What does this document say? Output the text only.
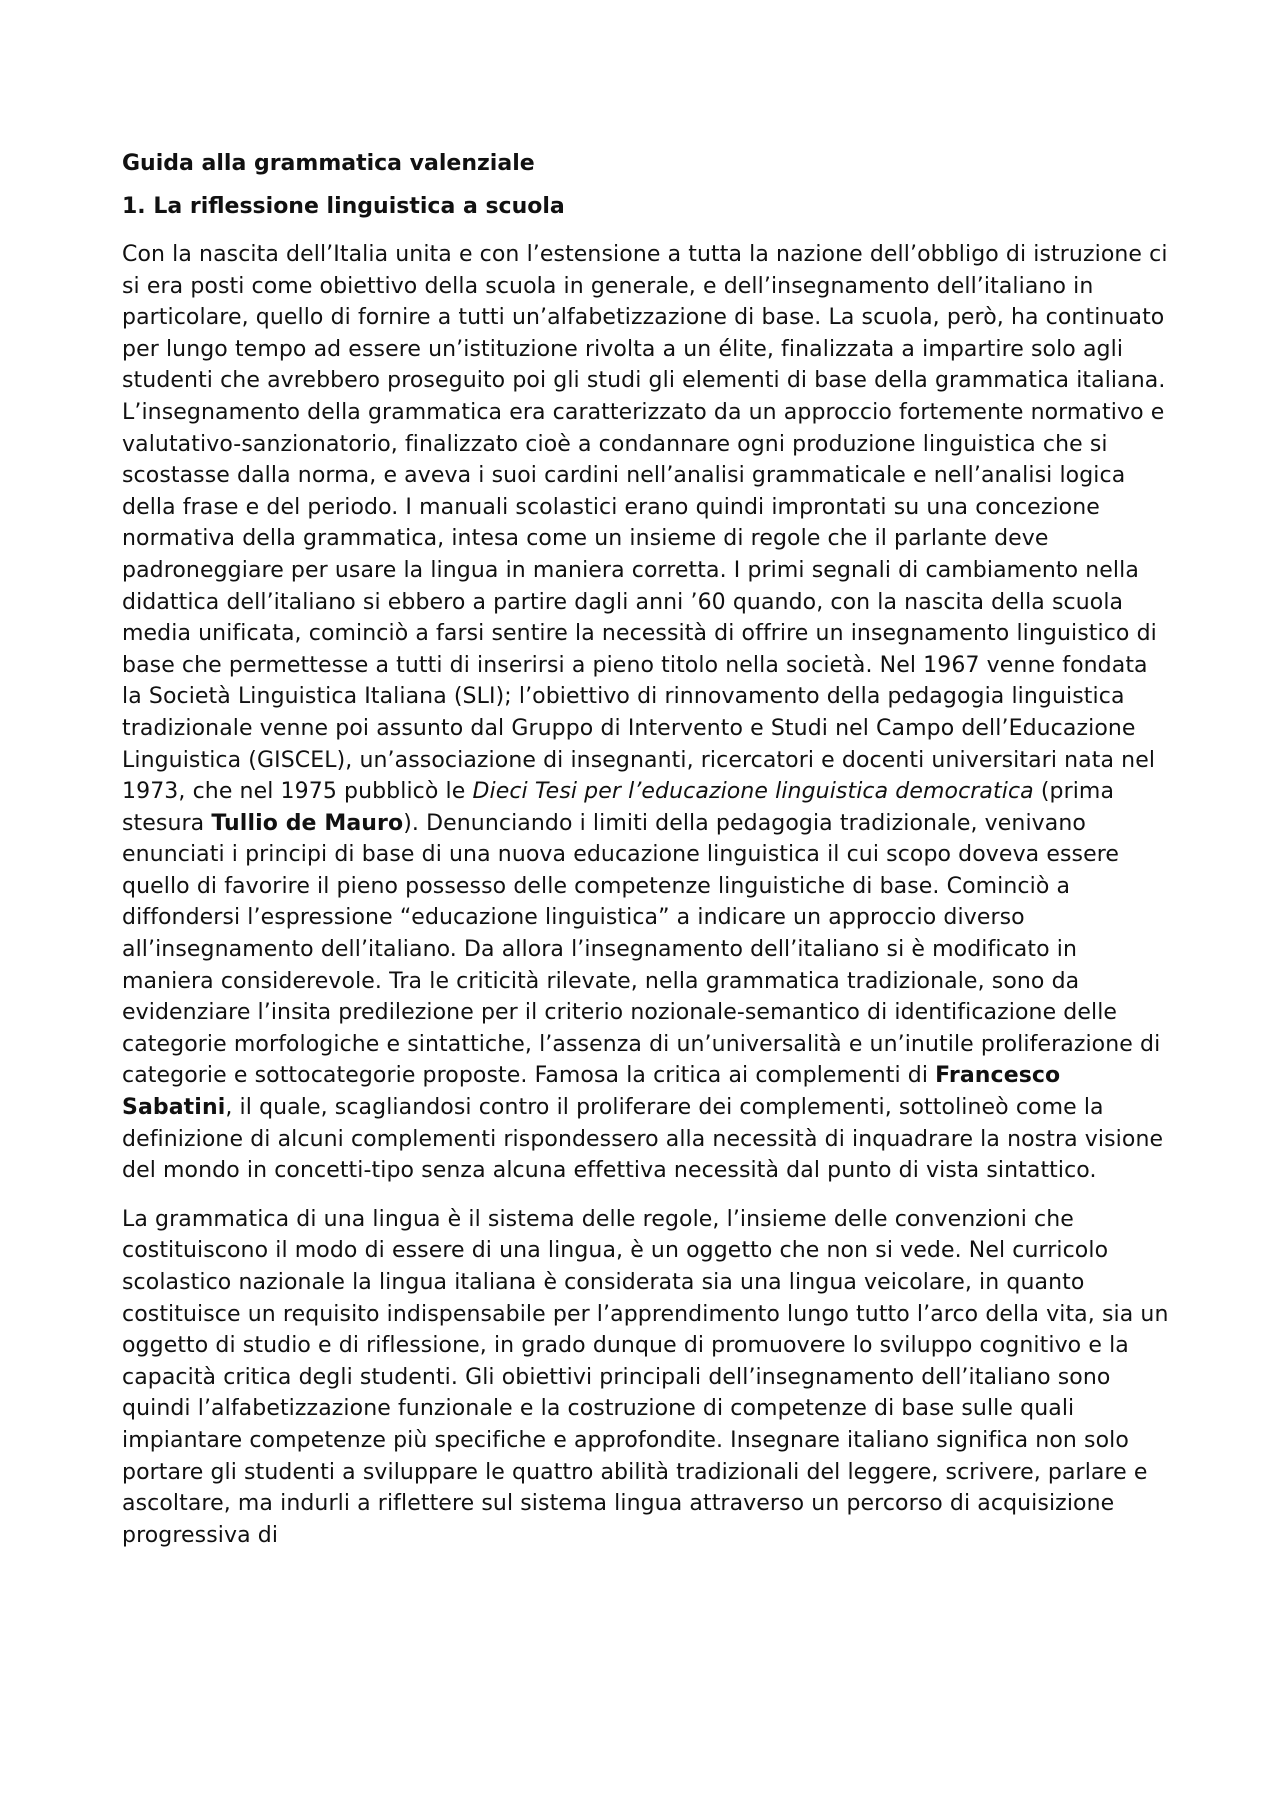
Guida alla grammatica valenziale

1. La riflessione linguistica a scuola

Con la nascita dell’Italia unita e con l’estensione a tutta la nazione dell’obbligo di istruzione ci si era posti come obiettivo della scuola in generale, e dell’insegnamento dell’italiano in particolare, quello di fornire a tutti un’alfabetizzazione di base. La scuola, però, ha continuato per lungo tempo ad essere un’istituzione rivolta a un élite, finalizzata a impartire solo agli studenti che avrebbero proseguito poi gli studi gli elementi di base della grammatica italiana. L’insegnamento della grammatica era caratterizzato da un approccio fortemente normativo e valutativo-sanzionatorio, finalizzato cioè a condannare ogni produzione linguistica che si scostasse dalla norma, e aveva i suoi cardini nell’analisi grammaticale e nell’analisi logica della frase e del periodo. I manuali scolastici erano quindi improntati su una concezione normativa della grammatica, intesa come un insieme di regole che il parlante deve padroneggiare per usare la lingua in maniera corretta. I primi segnali di cambiamento nella didattica dell’italiano si ebbero a partire dagli anni ’60 quando, con la nascita della scuola media unificata, cominciò a farsi sentire la necessità di offrire un insegnamento linguistico di base che permettesse a tutti di inserirsi a pieno titolo nella società. Nel 1967 venne fondata la Società Linguistica Italiana (SLI); l’obiettivo di rinnovamento della pedagogia linguistica tradizionale venne poi assunto dal Gruppo di Intervento e Studi nel Campo dell’Educazione Linguistica (GISCEL), un’associazione di insegnanti, ricercatori e docenti universitari nata nel 1973, che nel 1975 pubblicò le Dieci Tesi per l’educazione linguistica democratica (prima stesura Tullio de Mauro). Denunciando i limiti della pedagogia tradizionale, venivano enunciati i principi di base di una nuova educazione linguistica il cui scopo doveva essere quello di favorire il pieno possesso delle competenze linguistiche di base. Cominciò a diffondersi l’espressione “educazione linguistica” a indicare un approccio diverso all’insegnamento dell’italiano. Da allora l’insegnamento dell’italiano si è modificato in maniera considerevole. Tra le criticità rilevate, nella grammatica tradizionale, sono da evidenziare l’insita predilezione per il criterio nozionale-semantico di identificazione delle categorie morfologiche e sintattiche, l’assenza di un’universalità e un’inutile proliferazione di categorie e sottocategorie proposte. Famosa la critica ai complementi di Francesco Sabatini, il quale, scagliandosi contro il proliferare dei complementi, sottolineò come la definizione di alcuni complementi rispondessero alla necessità di inquadrare la nostra visione del mondo in concetti-tipo senza alcuna effettiva necessità dal punto di vista sintattico.

La grammatica di una lingua è il sistema delle regole, l’insieme delle convenzioni che costituiscono il modo di essere di una lingua, è un oggetto che non si vede. Nel curricolo scolastico nazionale la lingua italiana è considerata sia una lingua veicolare, in quanto costituisce un requisito indispensabile per l’apprendimento lungo tutto l’arco della vita, sia un oggetto di studio e di riflessione, in grado dunque di promuovere lo sviluppo cognitivo e la capacità critica degli studenti. Gli obiettivi principali dell’insegnamento dell’italiano sono quindi l’alfabetizzazione funzionale e la costruzione di competenze di base sulle quali impiantare competenze più specifiche e approfondite. Insegnare italiano significa non solo portare gli studenti a sviluppare le quattro abilità tradizionali del leggere, scrivere, parlare e ascoltare, ma indurli a riflettere sul sistema lingua attraverso un percorso di acquisizione progressiva di
